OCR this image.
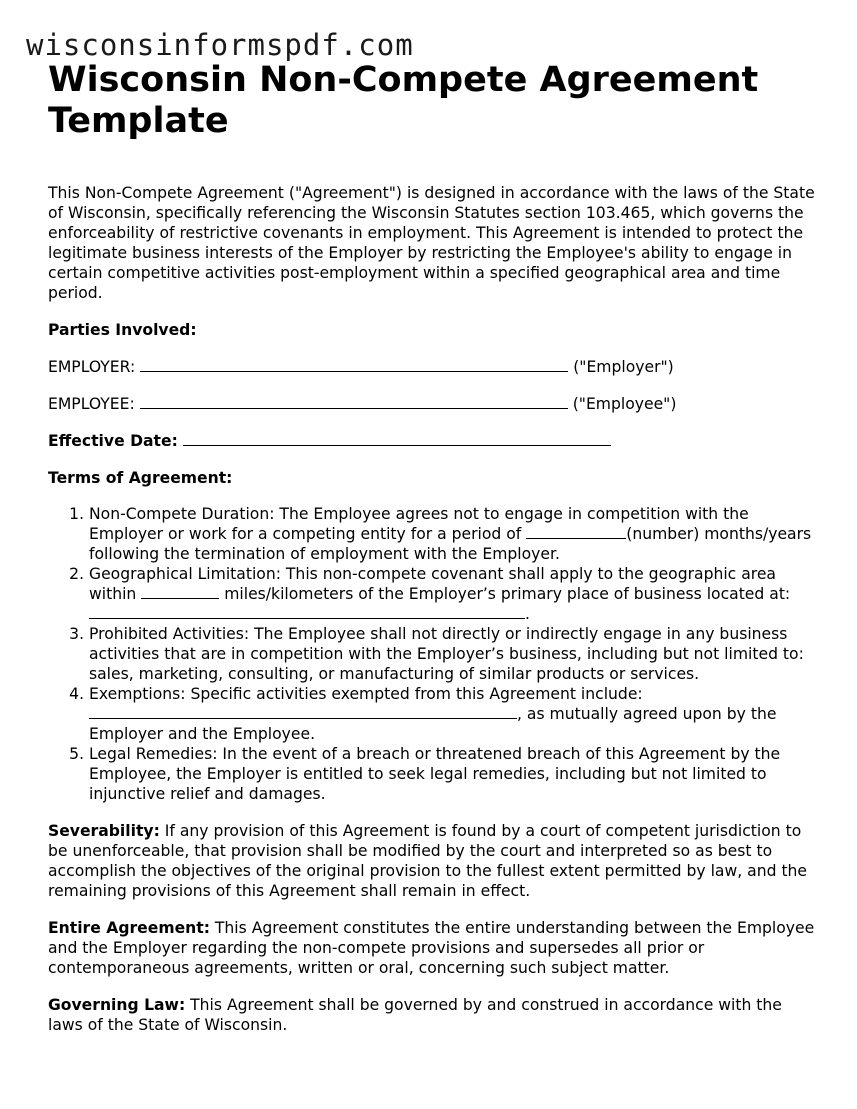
wisconsinformspdf.com
Wisconsin Non-Compete Agreement Template

This Non-Compete Agreement ("Agreement") is designed in accordance with the laws of the State of Wisconsin, specifically referencing the Wisconsin Statutes section 103.465, which governs the enforceability of restrictive covenants in employment. This Agreement is intended to protect the legitimate business interests of the Employer by restricting the Employee's ability to engage in certain competitive activities post-employment within a specified geographical area and time period.

Parties Involved:

EMPLOYER:	("Employer")

EMPLOYEE:	("Employee")

Effective Date:

Terms of Agreement:

1. Non-Compete Duration: The Employee agrees not to engage in competition with the Employer or work for a competing entity for a period of	(number) months/years following the termination of employment with the Employer.
2. Geographical Limitation: This non-compete covenant shall apply to the geographic area within	miles/kilometers of the Employer’s primary place of business located at: .
3. Prohibited Activities: The Employee shall not directly or indirectly engage in any business activities that are in competition with the Employer’s business, including but not limited to: sales, marketing, consulting, or manufacturing of similar products or services.
4. Exemptions: Specific activities exempted from this Agreement include: , as mutually agreed upon by the Employer and the Employee.
5. Legal Remedies: In the event of a breach or threatened breach of this Agreement by the Employee, the Employer is entitled to seek legal remedies, including but not limited to injunctive relief and damages.

Severability: If any provision of this Agreement is found by a court of competent jurisdiction to be unenforceable, that provision shall be modified by the court and interpreted so as best to accomplish the objectives of the original provision to the fullest extent permitted by law, and the remaining provisions of this Agreement shall remain in effect.

Entire Agreement: This Agreement constitutes the entire understanding between the Employee and the Employer regarding the non-compete provisions and supersedes all prior or contemporaneous agreements, written or oral, concerning such subject matter.

Governing Law: This Agreement shall be governed by and construed in accordance with the laws of the State of Wisconsin.
